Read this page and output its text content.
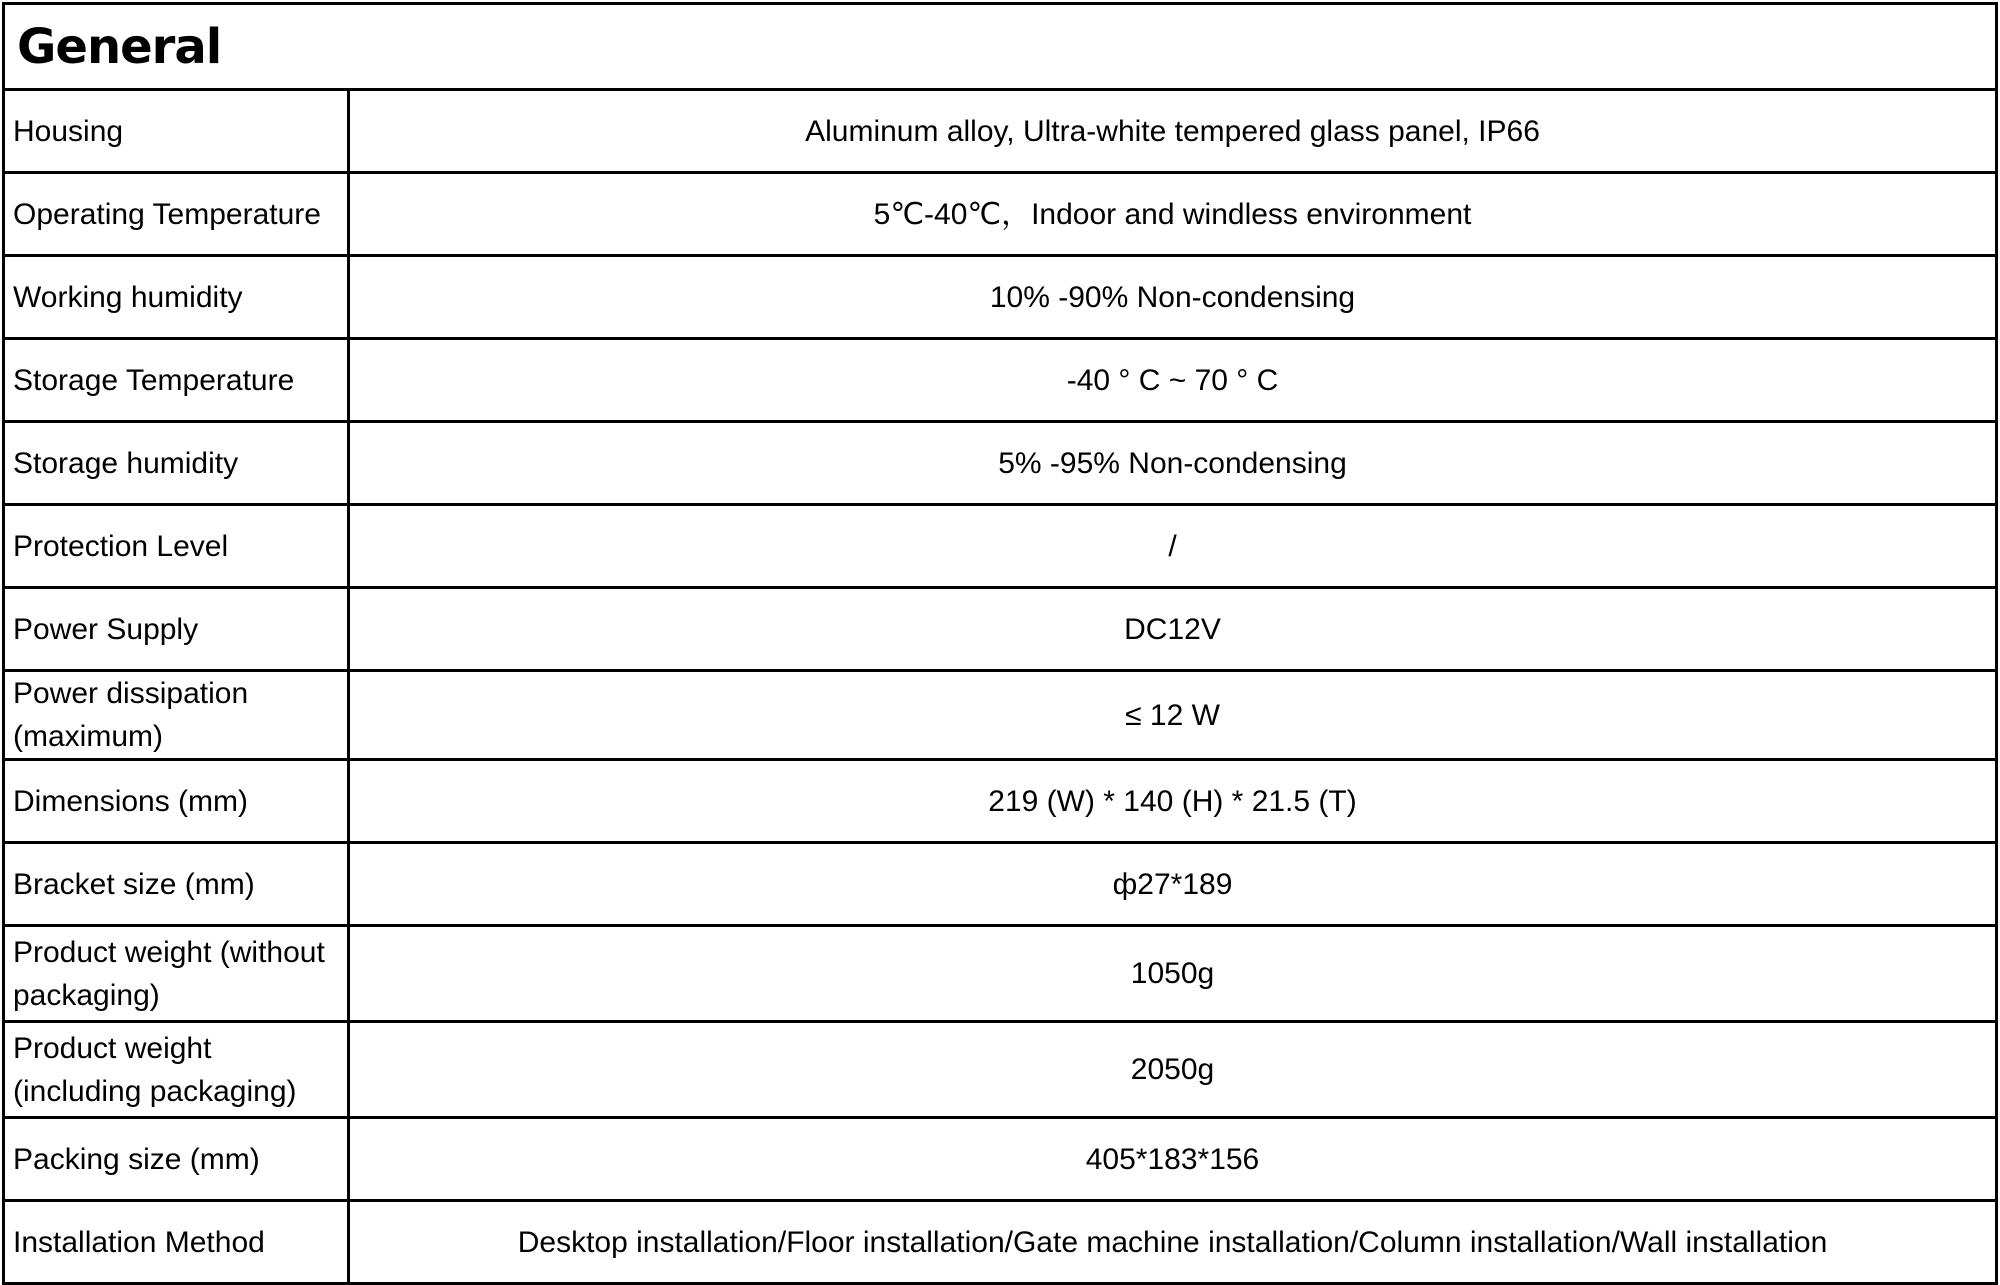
General	
Housing	Aluminum alloy, Ultra-white tempered glass panel, IP66
Operating Temperature	5℃-40℃，Indoor and windless environment
Working humidity	10% -90% Non-condensing
Storage Temperature	-40 ° C ~ 70 ° C
Storage humidity	5% -95% Non-condensing
Protection Level	/
Power Supply	DC12V
Power dissipation (maximum)	≤ 12 W
Dimensions (mm)	219 (W) * 140 (H) * 21.5 (T)
Bracket size (mm)	ф27*189
Product weight (without packaging)	1050g
Product weight (including packaging)	2050g
Packing size (mm)	405*183*156
Installation Method	Desktop installation/Floor installation/Gate machine installation/Column installation/Wall installation
